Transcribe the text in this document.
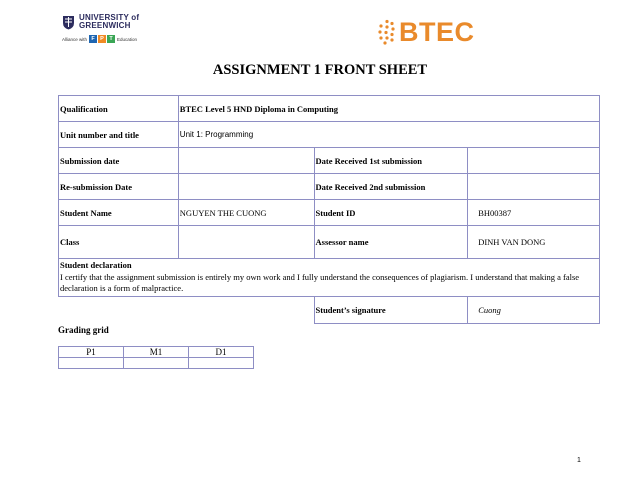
UNIVERSITY of
GREENWICH
Alliance with F P T Education	BTEC
ASSIGNMENT 1 FRONT SHEET
Qualification	BTEC Level 5 HND Diploma in Computing		
Unit number and title	Unit 1: Programming		
Submission date		Date Received 1st submission	
Re-submission Date		Date Received 2nd submission	
Student Name	NGUYEN THE CUONG	Student ID	BH00387
Class		Assessor name	DINH VAN DONG

Student declaration
I certify that the assignment submission is entirely my own work and I fully understand the consequences of plagiarism. I understand that making a false declaration is a form of malpractice.			

		Student’s signature	Cuong
Grading grid
P1	M1	D1

1
